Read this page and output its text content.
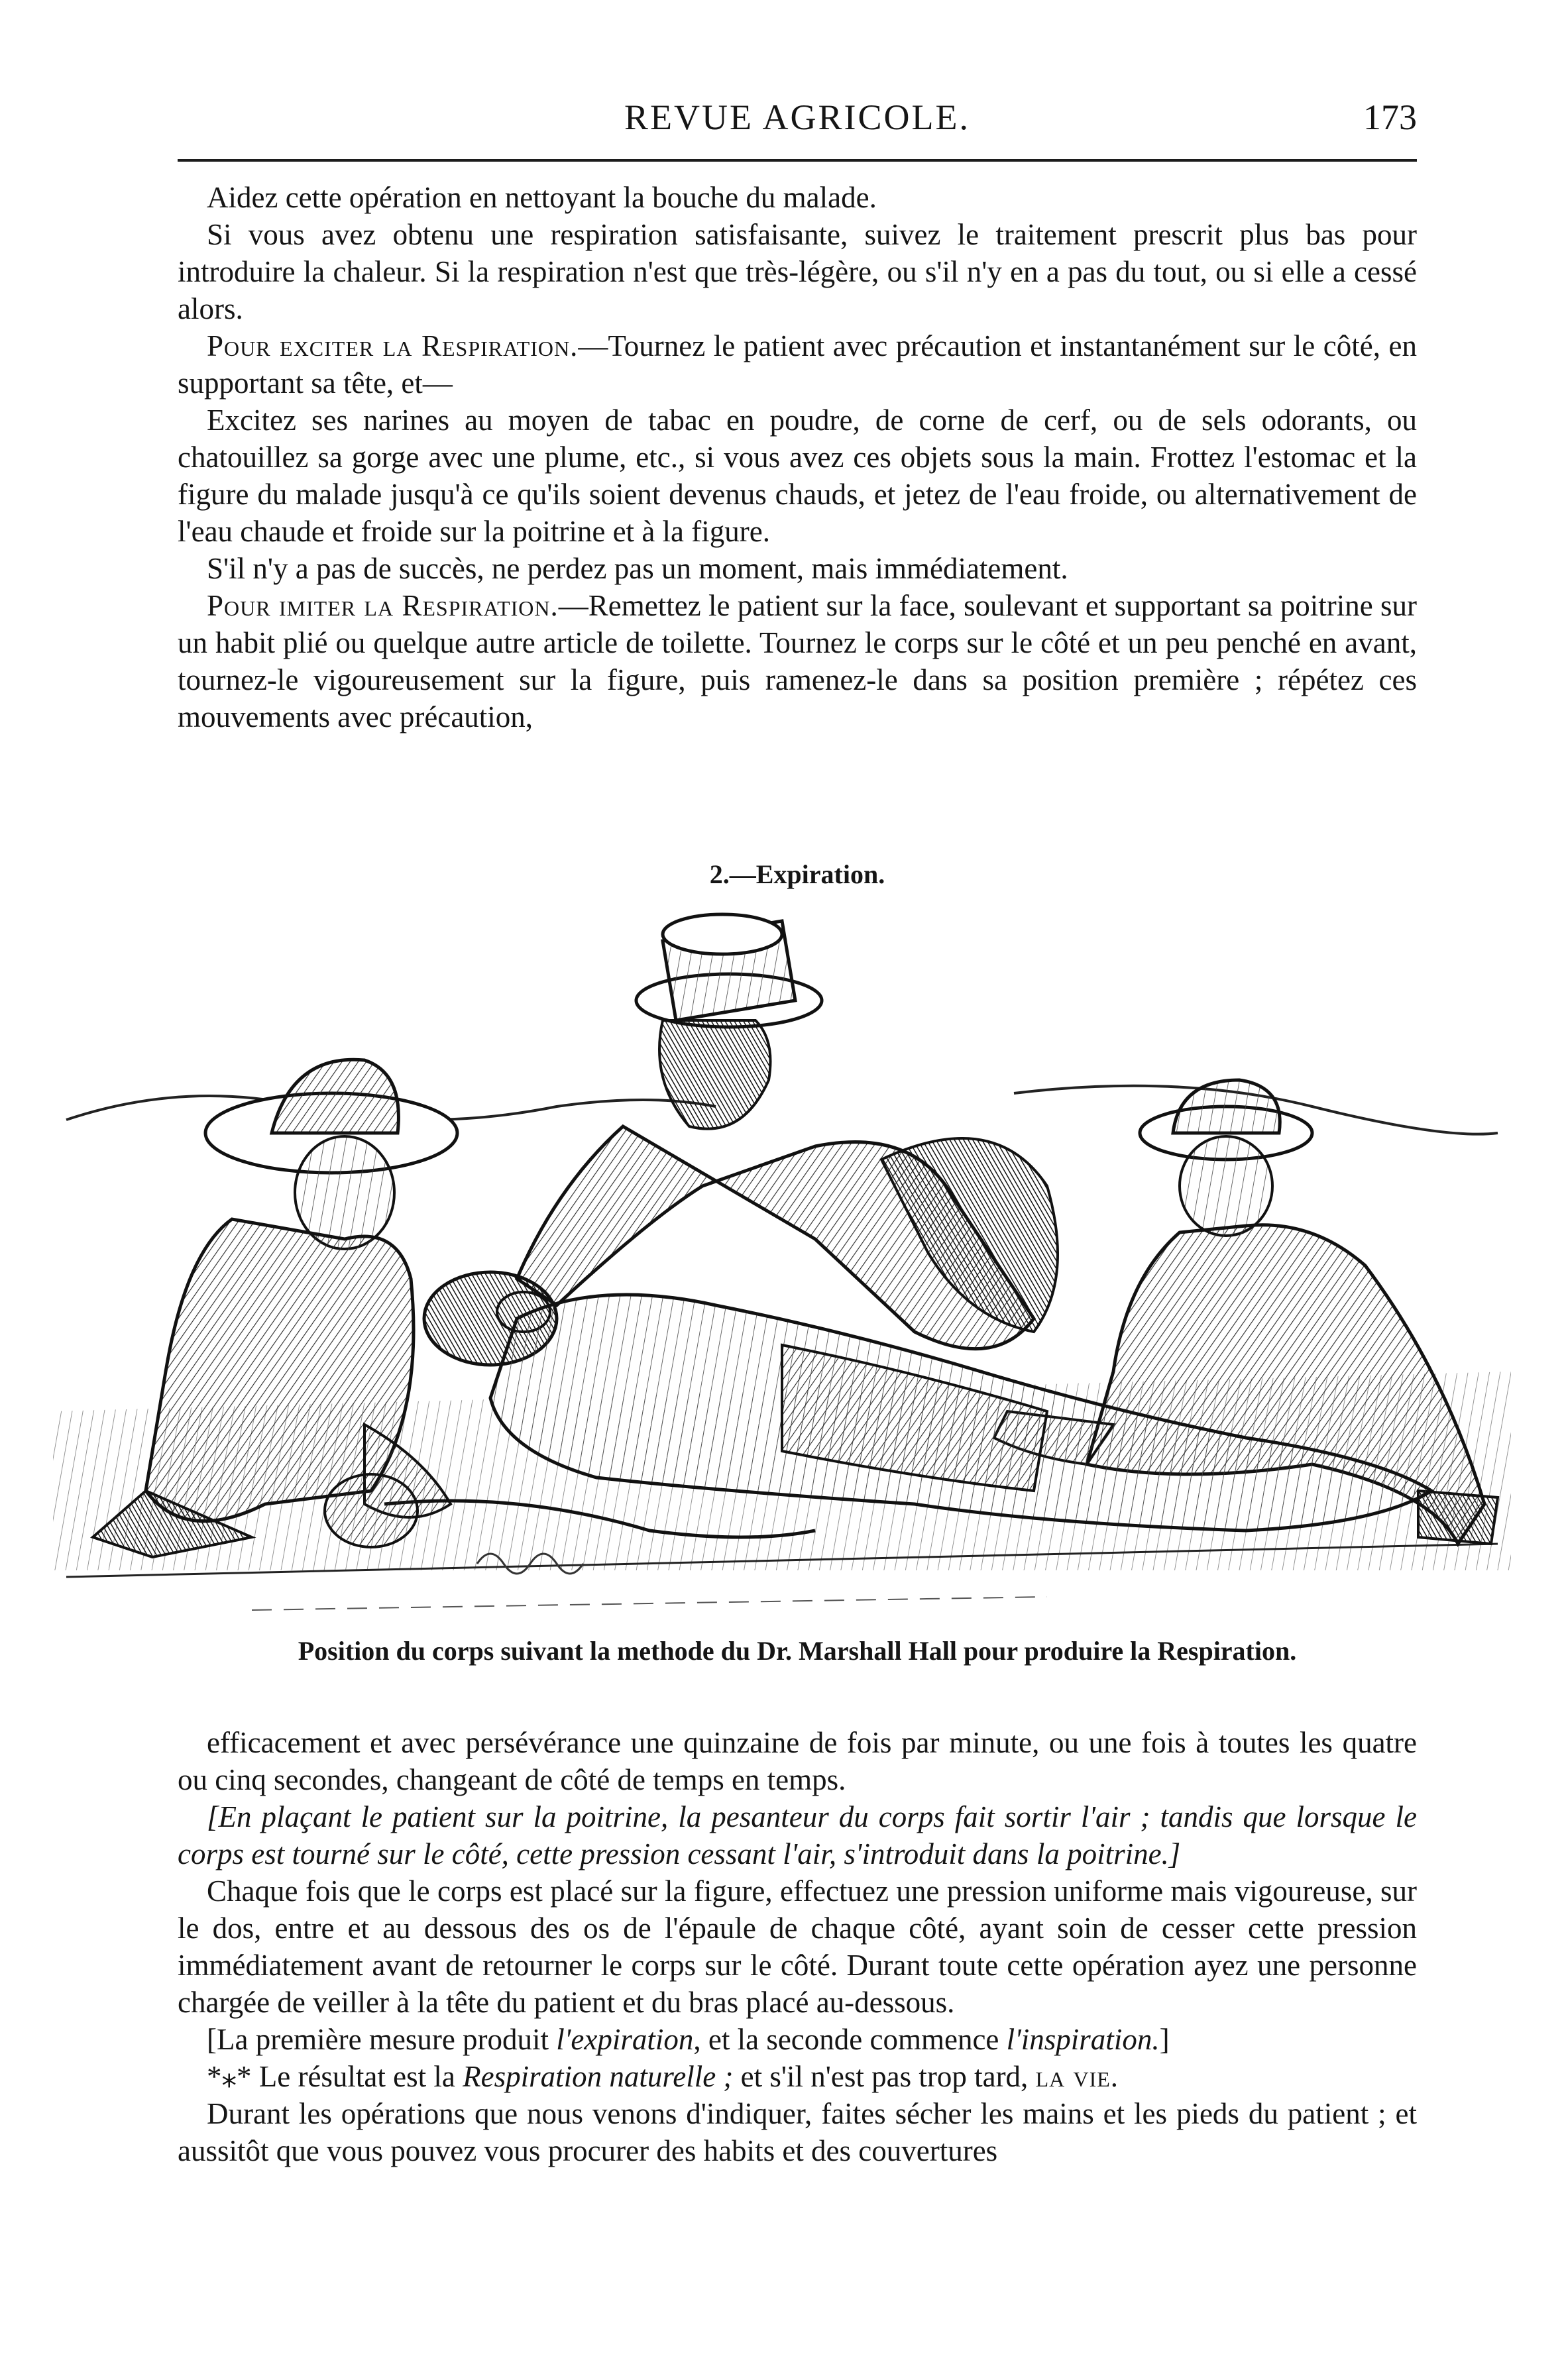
REVUE AGRICOLE.	173

Aidez cette opération en nettoyant la bouche du malade.

Si vous avez obtenu une respiration satisfaisante, suivez le traitement prescrit plus bas pour introduire la chaleur. Si la respiration n'est que très-légère, ou s'il n'y en a pas du tout, ou si elle a cessé alors.

Pour exciter la Respiration.—Tournez le patient avec précaution et instantanément sur le côté, en supportant sa tête, et—

Excitez ses narines au moyen de tabac en poudre, de corne de cerf, ou de sels odorants, ou chatouillez sa gorge avec une plume, etc., si vous avez ces objets sous la main. Frottez l'estomac et la figure du malade jusqu'à ce qu'ils soient devenus chauds, et jetez de l'eau froide, ou alternativement de l'eau chaude et froide sur la poitrine et à la figure.

S'il n'y a pas de succès, ne perdez pas un moment, mais immédiatement.

Pour imiter la Respiration.—Remettez le patient sur la face, soulevant et supportant sa poitrine sur un habit plié ou quelque autre article de toilette. Tournez le corps sur le côté et un peu penché en avant, tournez-le vigoureusement sur la figure, puis ramenez-le dans sa position première ; répétez ces mouvements avec précaution,

2.—Expiration.
Position du corps suivant la methode du Dr. Marshall Hall pour produire la Respiration.

efficacement et avec persévérance une quinzaine de fois par minute, ou une fois à toutes les quatre ou cinq secondes, changeant de côté de temps en temps.

[En plaçant le patient sur la poitrine, la pesanteur du corps fait sortir l'air ; tandis que lorsque le corps est tourné sur le côté, cette pression cessant l'air, s'introduit dans la poitrine.]

Chaque fois que le corps est placé sur la figure, effectuez une pression uniforme mais vigoureuse, sur le dos, entre et au dessous des os de l'épaule de chaque côté, ayant soin de cesser cette pression immédiatement avant de retourner le corps sur le côté. Durant toute cette opération ayez une personne chargée de veiller à la tête du patient et du bras placé au-dessous.

[La première mesure produit l'expiration, et la seconde commence l'inspiration.]

*⁎* Le résultat est la Respiration naturelle ; et s'il n'est pas trop tard, la vie.

Durant les opérations que nous venons d'indiquer, faites sécher les mains et les pieds du patient ; et aussitôt que vous pouvez vous procurer des habits et des couvertures
